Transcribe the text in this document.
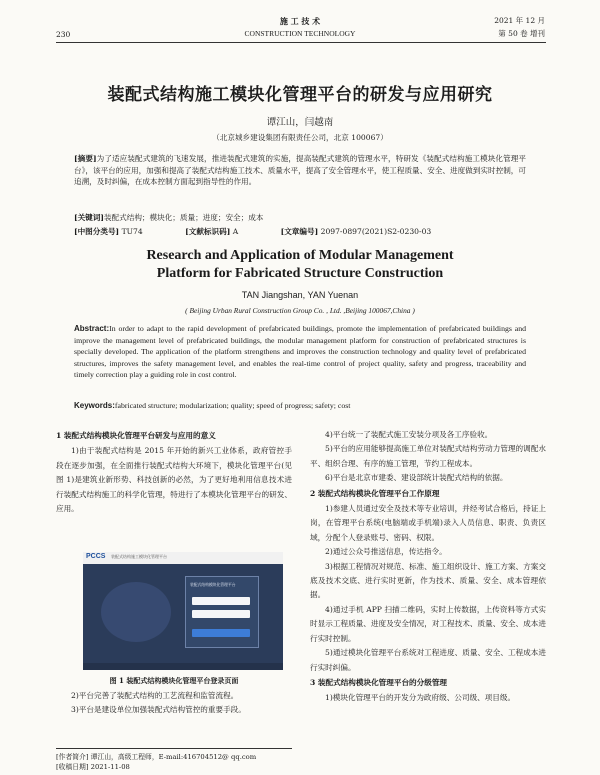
230
施 工 技 术
CONSTRUCTION TECHNOLOGY
2021 年 12 月
第 50 卷 增刊
装配式结构施工模块化管理平台的研发与应用研究
谭江山，闫越南
（北京城乡建设集团有限责任公司，北京 100067）
[摘要]为了适应装配式建筑的飞速发展，推进装配式建筑的实施，提高装配式建筑的管理水平，特研发《装配式结构施工模块化管理平台》，该平台的应用，加强和提高了装配式结构施工技术、质量水平，提高了安全管理水平，使工程质量、安全、进度做到实时控制，可追溯，及时纠偏，在成本控制方面起到指导性的作用。
[关键词]装配式结构；模块化；质量；进度；安全；成本
[中图分类号] TU74	[文献标识码] A	[文章编号] 2097-0897(2021)S2-0230-03
Research and Application of Modular Management
Platform for Fabricated Structure Construction
TAN Jiangshan, YAN Yuenan
( Beijing Urban Rural Construction Group Co. , Ltd. ,Beijing 100067,China )
Abstract:In order to adapt to the rapid development of prefabricated buildings, promote the implementation of prefabricated buildings and improve the management level of prefabricated buildings, the modular management platform for construction of prefabricated structures is specially developed. The application of the platform strengthens and improves the construction technology and quality level of prefabricated structures, improves the safety management level, and enables the real-time control of project quality, safety and progress, traceability and timely correction play a guiding role in cost control.
Keywords:fabricated structure; modularization; quality; speed of progress; safety; cost

1 装配式结构模块化管理平台研发与应用的意义

1)由于装配式结构是 2015 年开始的新兴工业体系，政府管控手段在逐步加强，在全面推行装配式结构大环境下，模块化管理平台(见图 1)是建筑业新形势、科技创新的必然，为了更好地利用信息技术进行装配式结构施工的科学化管理，特进行了本模块化管理平台的研发、应用。

PCCS 装配式结构施工模块化管理平台
装配式结构模块化管理平台
图 1 装配式结构模块化管理平台登录页面

2)平台完善了装配式结构的工艺流程和监管流程。

3)平台是建设单位加强装配式结构管控的重要手段。

[作者简介] 谭江山，高级工程师，E-mail:416704512@ qq.com
[收稿日期] 2021-11-08

4)平台统一了装配式施工安装分项及各工序验收。

5)平台的应用能够提高施工单位对装配式结构劳动力管理的调配水平、组织合理、有序的施工管理，节约工程成本。

6)平台是北京市建委、建设部统计装配式结构的依据。

2 装配式结构模块化管理平台工作原理

1)参建人员通过安全及技术等专业培训，并经考试合格后，持证上岗，在管理平台系统(电脑端或手机端)录入人员信息、职责、负责区域，分配个人登录账号、密码、权限。

2)通过公众号推送信息，传达指令。

3)根据工程情况对规范、标准、施工组织设计、施工方案、方案交底及技术交底、进行实时更新，作为技术、质量、安全、成本管理依据。

4)通过手机 APP 扫描二维码，实时上传数据，上传资料等方式实时显示工程质量、进度及安全情况，对工程技术、质量、安全、成本进行实时控制。

5)通过模块化管理平台系统对工程进度、质量、安全、工程成本进行实时纠偏。

3 装配式结构模块化管理平台的分级管理

1)模块化管理平台的开发分为政府级、公司级、项目级。
